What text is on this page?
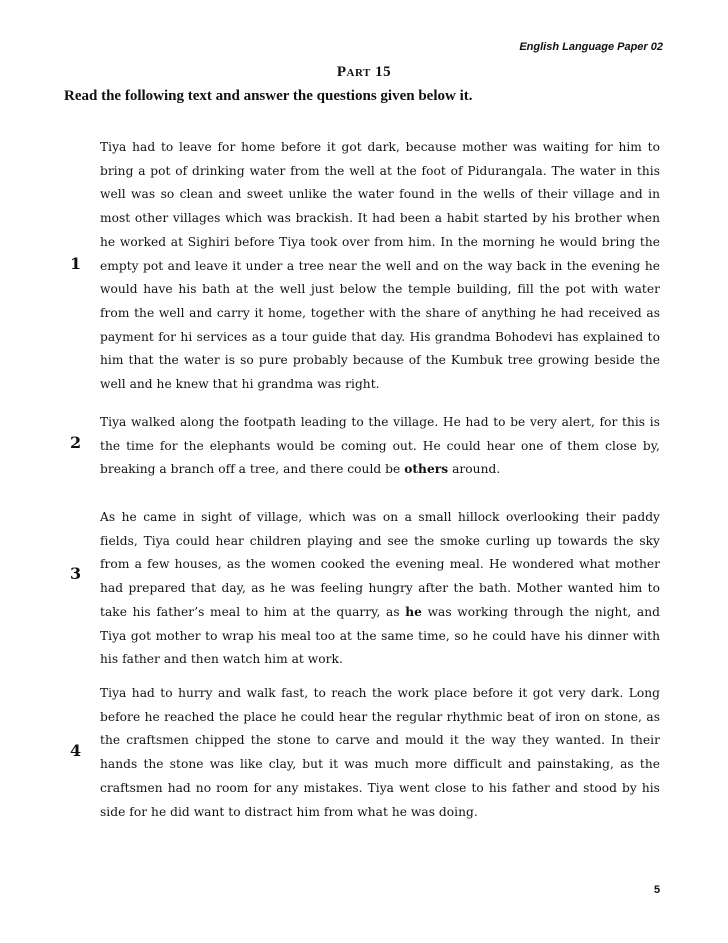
English Language Paper 02
Part 15
Read the following text and answer the questions given below it.
1
Tiya had to leave for home before it got dark, because mother was waiting for him to bring a pot of drinking water from the well at the foot of Pidurangala. The water in this well was so clean and sweet unlike the water found in the wells of their village and in most other villages which was brackish. It had been a habit started by his brother when he worked at Sighiri before Tiya took over from him. In the morning he would bring the empty pot and leave it under a tree near the well and on the way back in the evening he would have his bath at the well just below the temple building, fill the pot with water from the well and carry it home, together with the share of anything he had received as payment for hi services as a tour guide that day. His grandma Bohodevi has explained to him that the water is so pure probably because of the Kumbuk tree growing beside the well and he knew that hi grandma was right.
2
Tiya walked along the footpath leading to the village. He had to be very alert, for this is the time for the elephants would be coming out. He could hear one of them close by, breaking a branch off a tree, and there could be others around.
3
As he came in sight of village, which was on a small hillock overlooking their paddy fields, Tiya could hear children playing and see the smoke curling up towards the sky from a few houses, as the women cooked the evening meal. He wondered what mother had prepared that day, as he was feeling hungry after the bath. Mother wanted him to take his father’s meal to him at the quarry, as he was working through the night, and Tiya got mother to wrap his meal too at the same time, so he could have his dinner with his father and then watch him at work.
4
Tiya had to hurry and walk fast, to reach the work place before it got very dark. Long before he reached the place he could hear the regular rhythmic beat of iron on stone, as the craftsmen chipped the stone to carve and mould it the way they wanted. In their hands the stone was like clay, but it was much more difficult and painstaking, as the craftsmen had no room for any mistakes. Tiya went close to his father and stood by his side for he did want to distract him from what he was doing.
5
